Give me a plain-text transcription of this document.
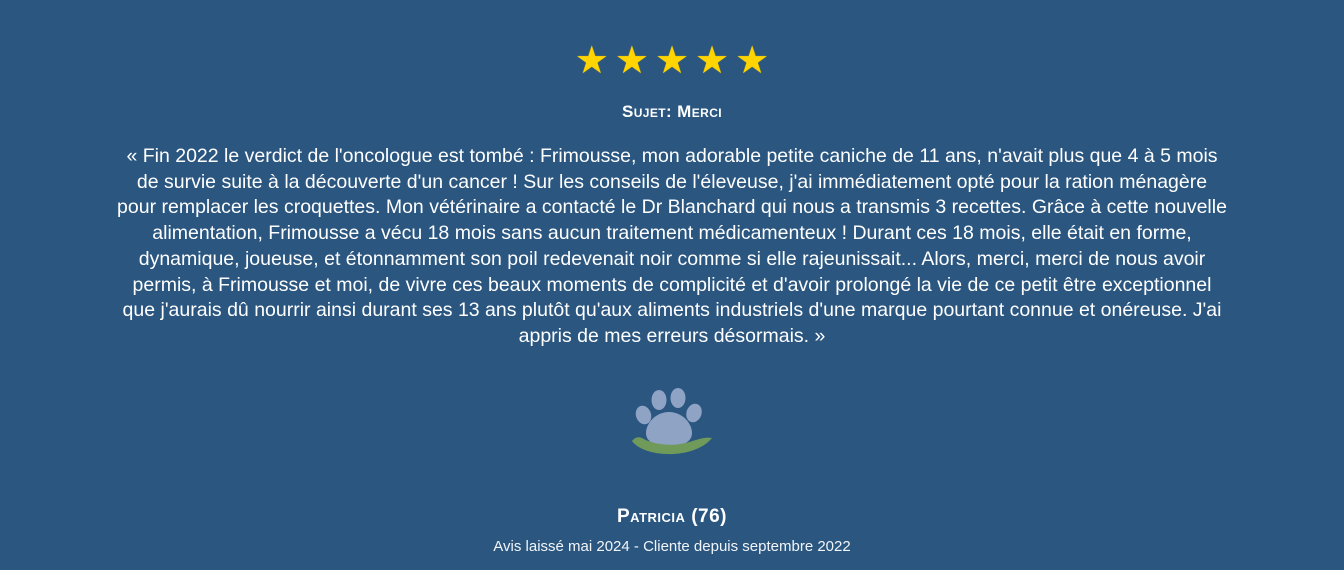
★ ★ ★ ★ ★
Sujet: Merci
« Fin 2022 le verdict de l'oncologue est tombé : Frimousse, mon adorable petite caniche de 11 ans, n'avait plus que 4 à 5 mois de survie suite à la découverte d'un cancer ! Sur les conseils de l'éleveuse, j'ai immédiatement opté pour la ration ménagère pour remplacer les croquettes. Mon vétérinaire a contacté le Dr Blanchard qui nous a transmis 3 recettes. Grâce à cette nouvelle alimentation, Frimousse a vécu 18 mois sans aucun traitement médicamenteux ! Durant ces 18 mois, elle était en forme, dynamique, joueuse, et étonnamment son poil redevenait noir comme si elle rajeunissait... Alors, merci, merci de nous avoir permis, à Frimousse et moi, de vivre ces beaux moments de complicité et d'avoir prolongé la vie de ce petit être exceptionnel que j'aurais dû nourrir ainsi durant ses 13 ans plutôt qu'aux aliments industriels d'une marque pourtant connue et onéreuse. J'ai appris de mes erreurs désormais. »
Patricia (76)
Avis laissé mai 2024 - Cliente depuis septembre 2022
